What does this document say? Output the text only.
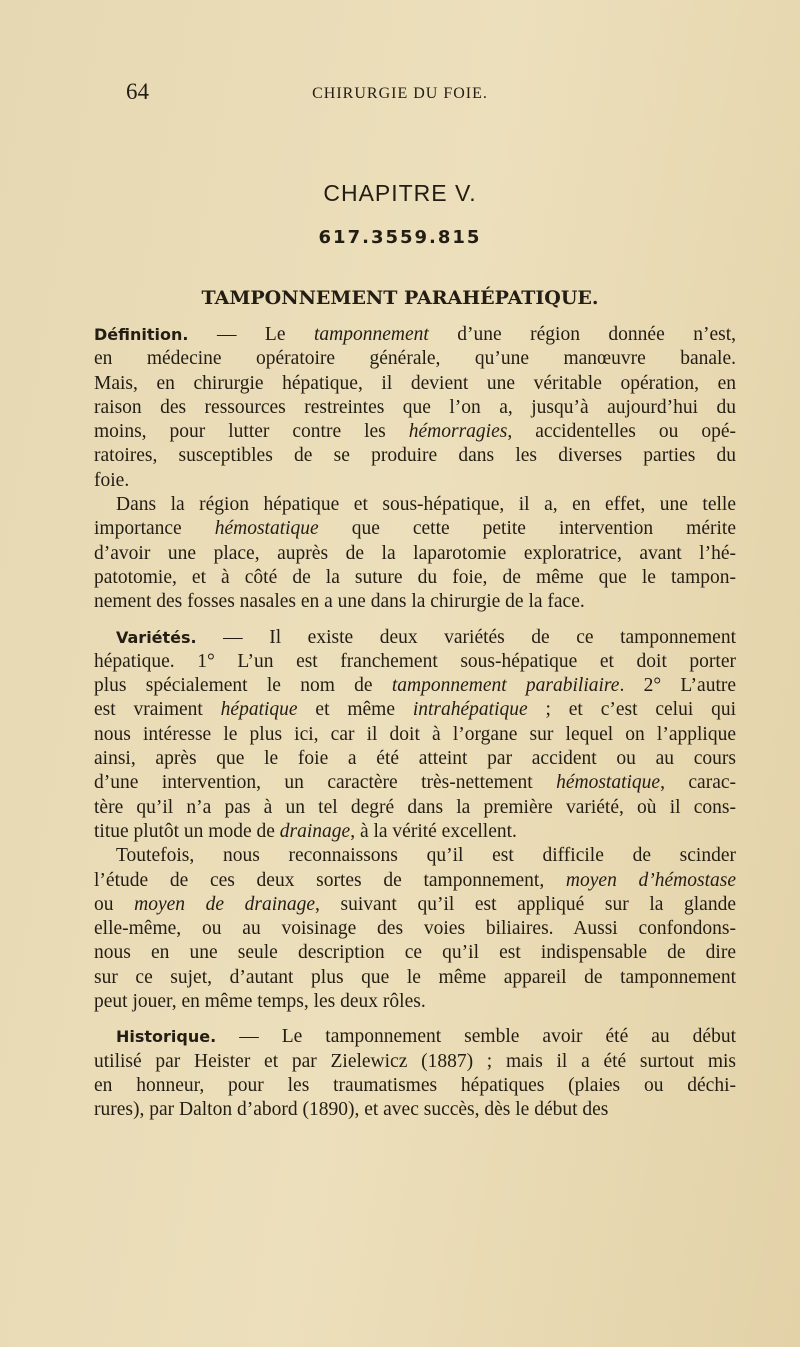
64	CHIRURGIE DU FOIE.
CHAPITRE V.
617.3559.815
TAMPONNEMENT PARAHÉPATIQUE.
Définition. — Le tamponnement d’une région donnée n’est,
en médecine opératoire générale, qu’une manœuvre banale.
Mais, en chirurgie hépatique, il devient une véritable opération, en
raison des ressources restreintes que l’on a, jusqu’à aujourd’hui du
moins, pour lutter contre les hémorragies, accidentelles ou opé-
ratoires, susceptibles de se produire dans les diverses parties du
foie.
Dans la région hépatique et sous-hépatique, il a, en effet, une telle
importance hémostatique que cette petite intervention mérite
d’avoir une place, auprès de la laparotomie exploratrice, avant l’hé-
patotomie, et à côté de la suture du foie, de même que le tampon-
nement des fosses nasales en a une dans la chirurgie de la face.
Variétés. — Il existe deux variétés de ce tamponnement
hépatique. 1° L’un est franchement sous-hépatique et doit porter
plus spécialement le nom de tamponnement parabiliaire. 2° L’autre
est vraiment hépatique et même intrahépatique ; et c’est celui qui
nous intéresse le plus ici, car il doit à l’organe sur lequel on l’applique
ainsi, après que le foie a été atteint par accident ou au cours
d’une intervention, un caractère très-nettement hémostatique, carac-
tère qu’il n’a pas à un tel degré dans la première variété, où il cons-
titue plutôt un mode de drainage, à la vérité excellent.
Toutefois, nous reconnaissons qu’il est difficile de scinder
l’étude de ces deux sortes de tamponnement, moyen d’hémostase
ou moyen de drainage, suivant qu’il est appliqué sur la glande
elle-même, ou au voisinage des voies biliaires. Aussi confondons-
nous en une seule description ce qu’il est indispensable de dire
sur ce sujet, d’autant plus que le même appareil de tamponnement
peut jouer, en même temps, les deux rôles.
Historique. — Le tamponnement semble avoir été au début
utilisé par Heister et par Zielewicz (1887) ; mais il a été surtout mis
en honneur, pour les traumatismes hépatiques (plaies ou déchi-
rures), par Dalton d’abord (1890), et avec succès, dès le début des
